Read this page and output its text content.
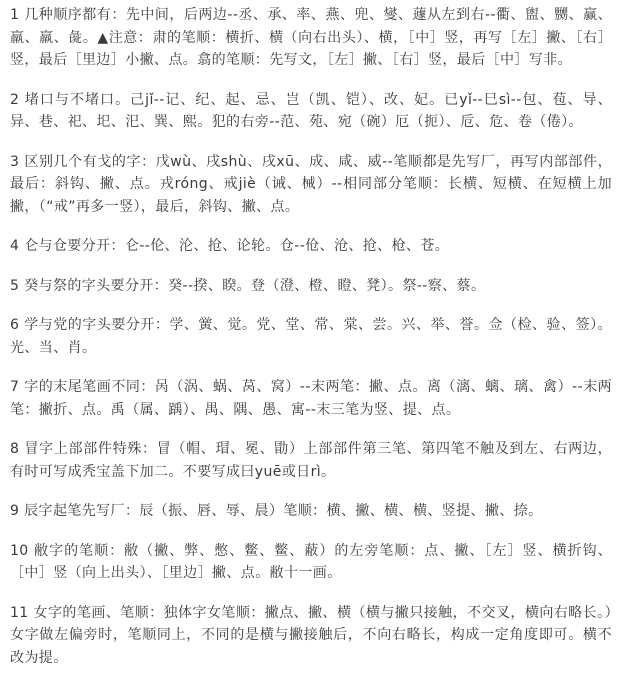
1 几种顺序都有：先中间，后两边--丞、承、率、燕、兜、燮、蘧从左到右--衢、盥、嬲、赢、羸、羸、彘。▲注意：肃的笔顺：横折、横（向右出头）、横，［中］竖，再写［左］撇、［右］竖，最后［里边］小撇、点。翕的笔顺：先写文，［左］撇、［右］竖，最后［中］写非。

2 堵口与不堵口。己jǐ--记、纪、起、忌、岂（凯、铠）、改、妃。已yǐ--巳sì--包、苞、导、异、巷、祀、圯、汜、巽、熙。犯的右旁--范、苑、宛（碗）厄（扼）、卮、危、卷（倦）。

3 区别几个有戈的字：戊wù、戌shù、戌xū、成、咸、威--笔顺都是先写厂，再写内部部件，最后：斜钩、撇、点。戎róng、戒jiè（诫、械）--相同部分笔顺：长横、短横、在短横上加撇，（“戒”再多一竖），最后，斜钩、撇、点。

4 仑与仓要分开：仑--伦、沦、抢、论轮。仓--伧、沧、抢、枪、苍。

5 癸与祭的字头要分开：癸--揆、睽。登（澄、橙、瞪、凳）。祭--察、蔡。

6 学与党的字头要分开：学、黉、觉。党、堂、常、棠、尝。兴、举、誉。佥（检、验、签）。光、当、肖。

7 字的末尾笔画不同：呙（涡、蜗、莴、窝）--末两笔：撇、点。离（漓、螭、璃、禽）--末两笔：撇折、点。禹（属、踽）、禺、隅、愚、寓--末三笔为竖、提、点。

8 冒字上部部件特殊：冒（帽、瑁、冕、勖）上部部件第三笔、第四笔不触及到左、右两边，有时可写成秃宝盖下加二。不要写成曰yuē或日rì。

9 辰字起笔先写厂：辰（振、唇、辱、晨）笔顺：横、撇、横、横、竖提、撇、捺。

10 敝字的笔顺：敝（撇、弊、憋、鳖、鳖、蔽）的左旁笔顺：点、撇、［左］竖、横折钩、［中］竖（向上出头）、［里边］撇、点。敝十一画。

11 女字的笔画、笔顺：独体字女笔顺：撇点、撇、横（横与撇只接触，不交叉，横向右略长。）女字做左偏旁时，笔顺同上，不同的是横与撇接触后，不向右略长，构成一定角度即可。横不改为提。
